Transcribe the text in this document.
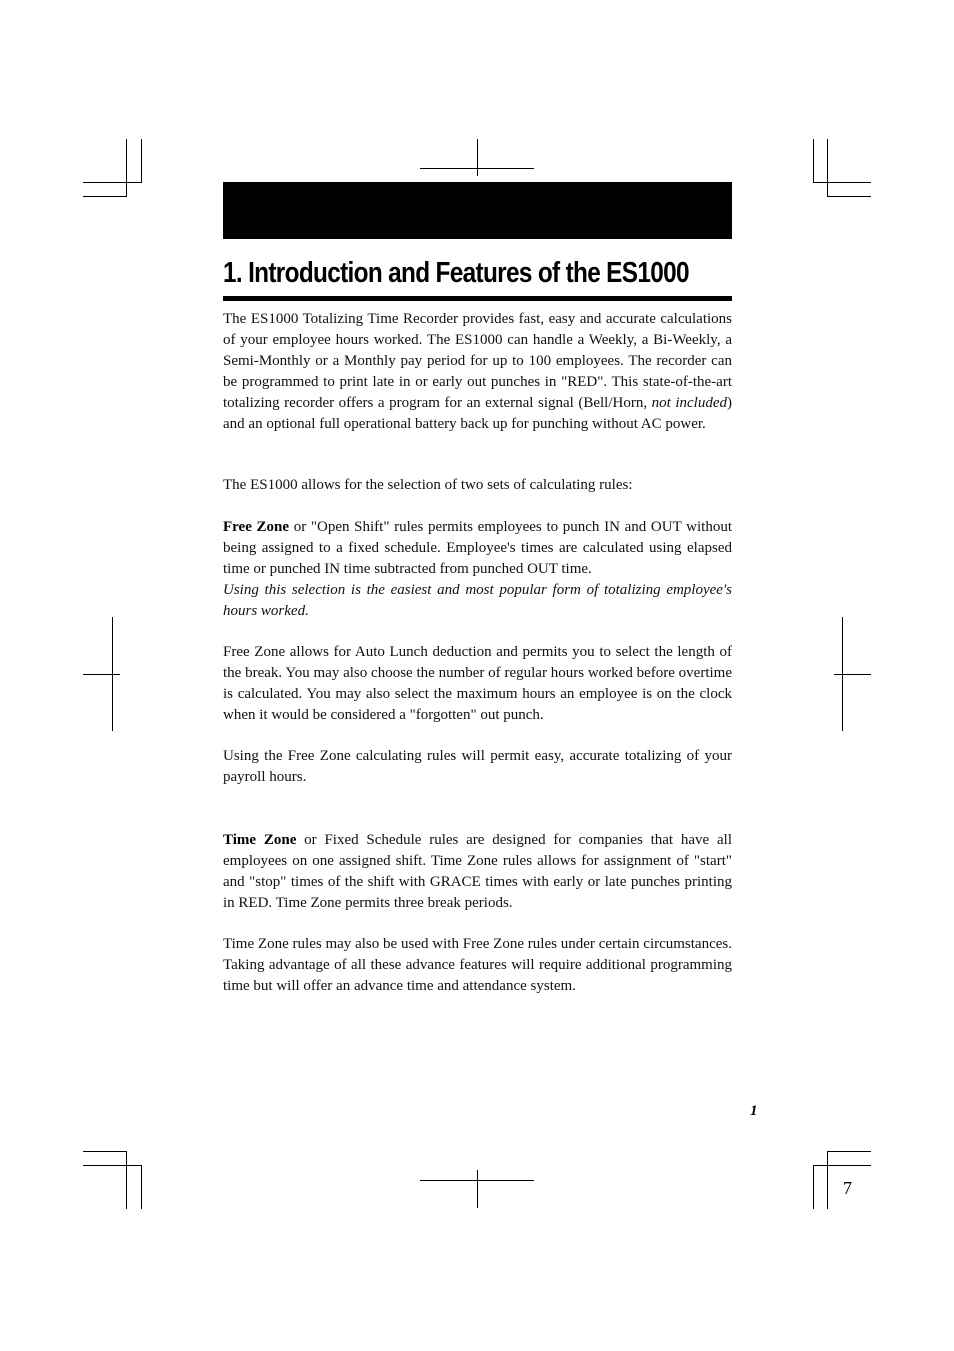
1. Introduction and Features of the ES1000

The ES1000 Totalizing Time Recorder provides fast, easy and accurate calculations of your employee hours worked. The ES1000 can handle a Weekly, a Bi-Weekly, a Semi-Monthly or a Monthly pay period for up to 100 employees. The recorder can be programmed to print late in or early out punches in "RED". This state-of-the-art totalizing recorder offers a program for an external signal (Bell/Horn, not included) and an optional full operational battery back up for punching without AC power.

The ES1000 allows for the selection of two sets of calculating rules:

Free Zone or "Open Shift" rules permits employees to punch IN and OUT without being assigned to a fixed schedule. Employee's times are calculated using elapsed time or punched IN time subtracted from punched OUT time.
Using this selection is the easiest and most popular form of totalizing employee's hours worked.

Free Zone allows for Auto Lunch deduction and permits you to select the length of the break. You may also choose the number of regular hours worked before overtime is calculated. You may also select the maximum hours an employee is on the clock when it would be considered a "forgotten" out punch.

Using the Free Zone calculating rules will permit easy, accurate totalizing of your payroll hours.

Time Zone or Fixed Schedule rules are designed for companies that have all employees on one assigned shift. Time Zone rules allows for assignment of "start" and "stop" times of the shift with GRACE times with early or late punches printing in RED. Time Zone permits three break periods.

Time Zone rules may also be used with Free Zone rules under certain circumstances. Taking advantage of all these advance features will require additional programming time but will offer an advance time and attendance system.

1
7
